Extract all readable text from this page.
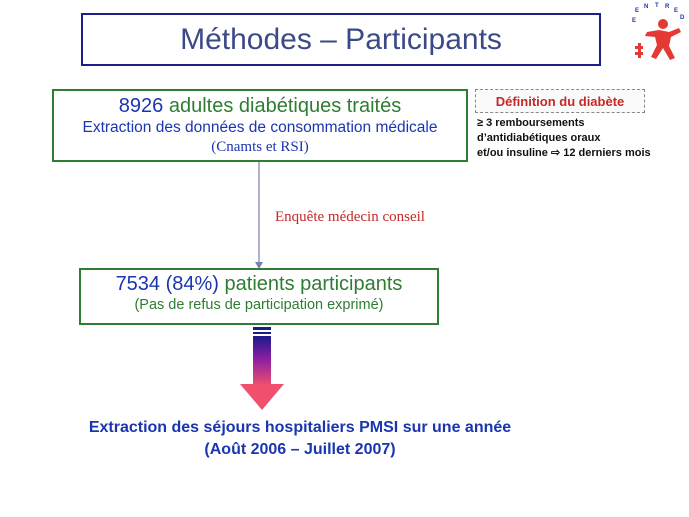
Méthodes – Participants
E
N T R
E
D
E
8926 adultes diabétiques traités
Extraction des données de consommation médicale
(Cnamts et RSI)
Définition du diabète
≥ 3 remboursements
d’antidiabétiques oraux
et/ou insuline ⇨ 12 derniers mois
Enquête médecin conseil
7534 (84%) patients participants
(Pas de refus de participation exprimé)
Extraction des séjours hospitaliers PMSI sur une année
(Août 2006 – Juillet 2007)
